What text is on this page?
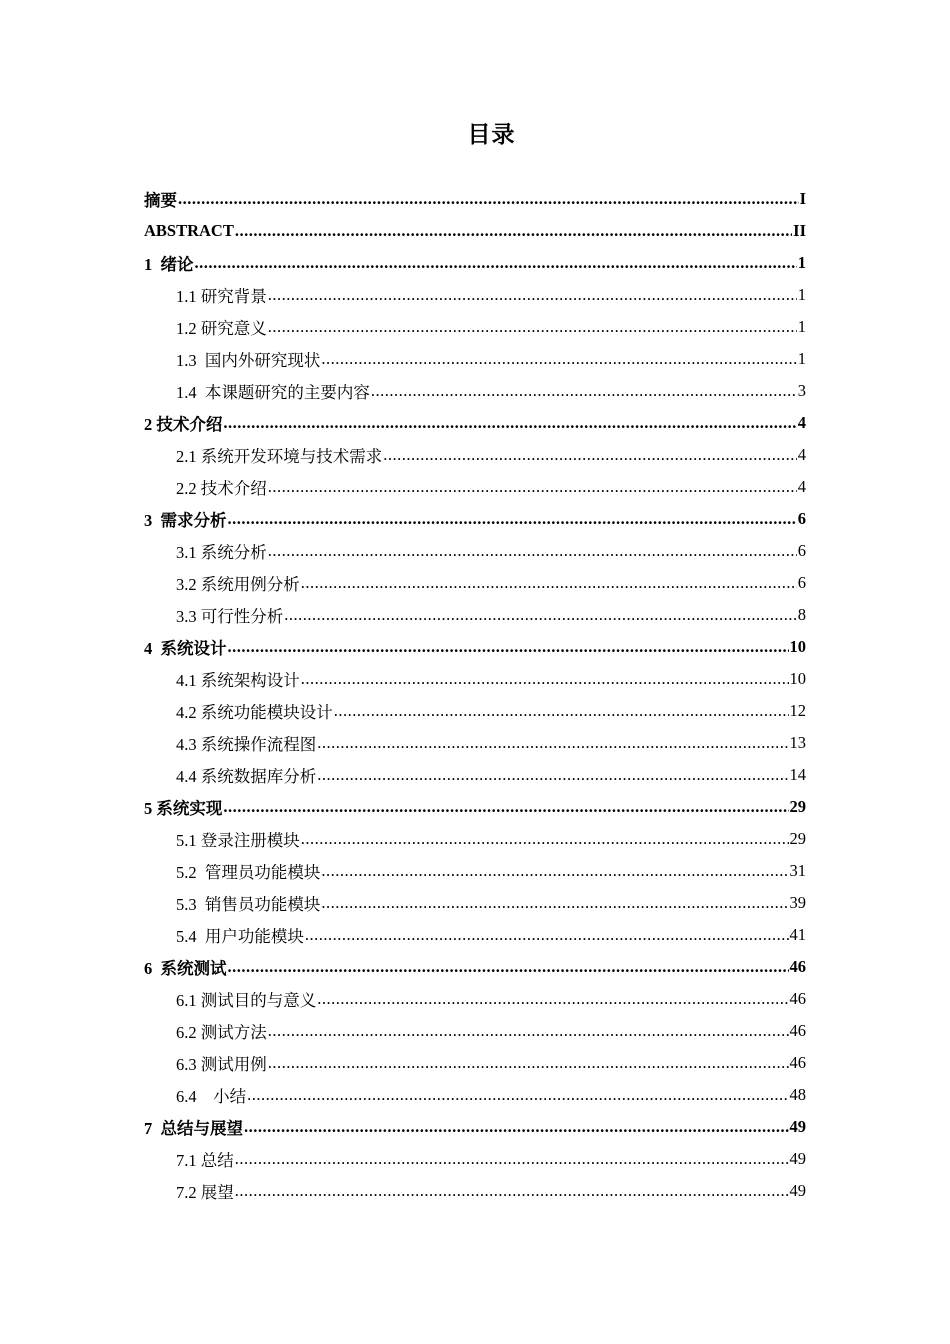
目录
摘要 .....	I
ABSTRACT .....	II
1  绪论 .....	1
1.1 研究背景 .....	1
1.2 研究意义 .....	1
1.3  国内外研究现状 .....	1
1.4  本课题研究的主要内容 .....	3
2 技术介绍 .....	4
2.1 系统开发环境与技术需求 .....	4
2.2 技术介绍 .....	4
3  需求分析 .....	6
3.1 系统分析 .....	6
3.2 系统用例分析 .....	6
3.3 可行性分析 .....	8
4  系统设计 .....	10
4.1 系统架构设计 .....	10
4.2 系统功能模块设计 .....	12
4.3 系统操作流程图 .....	13
4.4 系统数据库分析 .....	14
5 系统实现 .....	29
5.1 登录注册模块 .....	29
5.2  管理员功能模块 .....	31
5.3  销售员功能模块 .....	39
5.4  用户功能模块 .....	41
6  系统测试 .....	46
6.1 测试目的与意义 .....	46
6.2 测试方法 .....	46
6.3 测试用例 .....	46
6.4    小结 .....	48
7  总结与展望 .....	49
7.1 总结 .....	49
7.2 展望 .....	49
